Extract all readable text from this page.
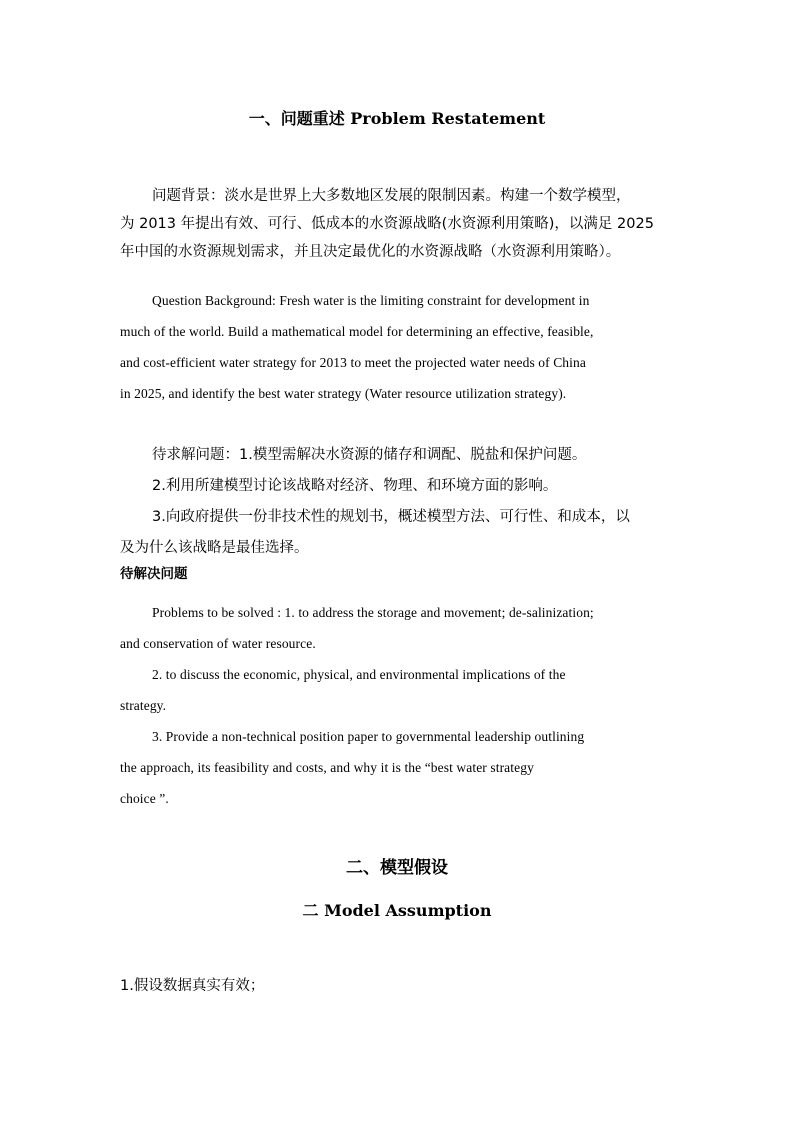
一、问题重述 Problem Restatement
问题背景：淡水是世界上大多数地区发展的限制因素。构建一个数学模型，
为 2013 年提出有效、可行、低成本的水资源战略(水资源利用策略)，以满足 2025
年中国的水资源规划需求，并且决定最优化的水资源战略（水资源利用策略）。
Question Background: Fresh water is the limiting constraint for development in
much of the world. Build a mathematical model for determining an effective, feasible,
and cost-efficient water strategy for 2013 to meet the projected water needs of China
in 2025, and identify the best water strategy (Water resource utilization strategy).
待求解问题：1.模型需解决水资源的储存和调配、脱盐和保护问题。
2.利用所建模型讨论该战略对经济、物理、和环境方面的影响。
3.向政府提供一份非技术性的规划书，概述模型方法、可行性、和成本，以
及为什么该战略是最佳选择。
待解决问题
Problems to be solved : 1. to address the storage and movement; de-salinization;
and conservation of water resource.
2. to discuss the economic, physical, and environmental implications of the
strategy.
3. Provide a non-technical position paper to governmental leadership outlining
the approach, its feasibility and costs, and why it is the “best water strategy
choice ”.
二、模型假设
二 Model Assumption
1.假设数据真实有效；
